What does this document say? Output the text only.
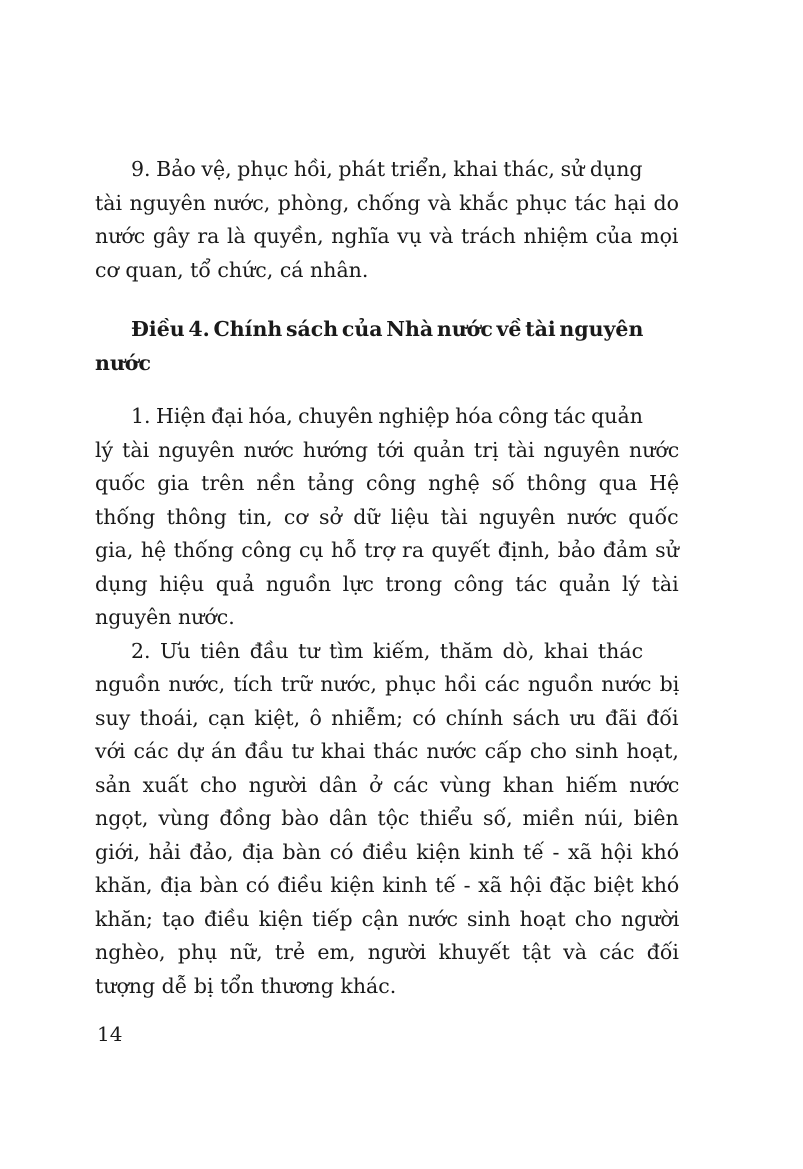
9. Bảo vệ, phục hồi, phát triển, khai thác, sử dụng
tài nguyên nước, phòng, chống và khắc phục tác hại do
nước gây ra là quyền, nghĩa vụ và trách nhiệm của mọi
cơ quan, tổ chức, cá nhân.

Điều 4. Chính sách của Nhà nước về tài nguyên
nước

1. Hiện đại hóa, chuyên nghiệp hóa công tác quản
lý tài nguyên nước hướng tới quản trị tài nguyên nước
quốc gia trên nền tảng công nghệ số thông qua Hệ
thống thông tin, cơ sở dữ liệu tài nguyên nước quốc
gia, hệ thống công cụ hỗ trợ ra quyết định, bảo đảm sử
dụng hiệu quả nguồn lực trong công tác quản lý tài
nguyên nước.

2. Ưu tiên đầu tư tìm kiếm, thăm dò, khai thác
nguồn nước, tích trữ nước, phục hồi các nguồn nước bị
suy thoái, cạn kiệt, ô nhiễm; có chính sách ưu đãi đối
với các dự án đầu tư khai thác nước cấp cho sinh hoạt,
sản xuất cho người dân ở các vùng khan hiếm nước
ngọt, vùng đồng bào dân tộc thiểu số, miền núi, biên
giới, hải đảo, địa bàn có điều kiện kinh tế - xã hội khó
khăn, địa bàn có điều kiện kinh tế - xã hội đặc biệt khó
khăn; tạo điều kiện tiếp cận nước sinh hoạt cho người
nghèo, phụ nữ, trẻ em, người khuyết tật và các đối
tượng dễ bị tổn thương khác.

14
